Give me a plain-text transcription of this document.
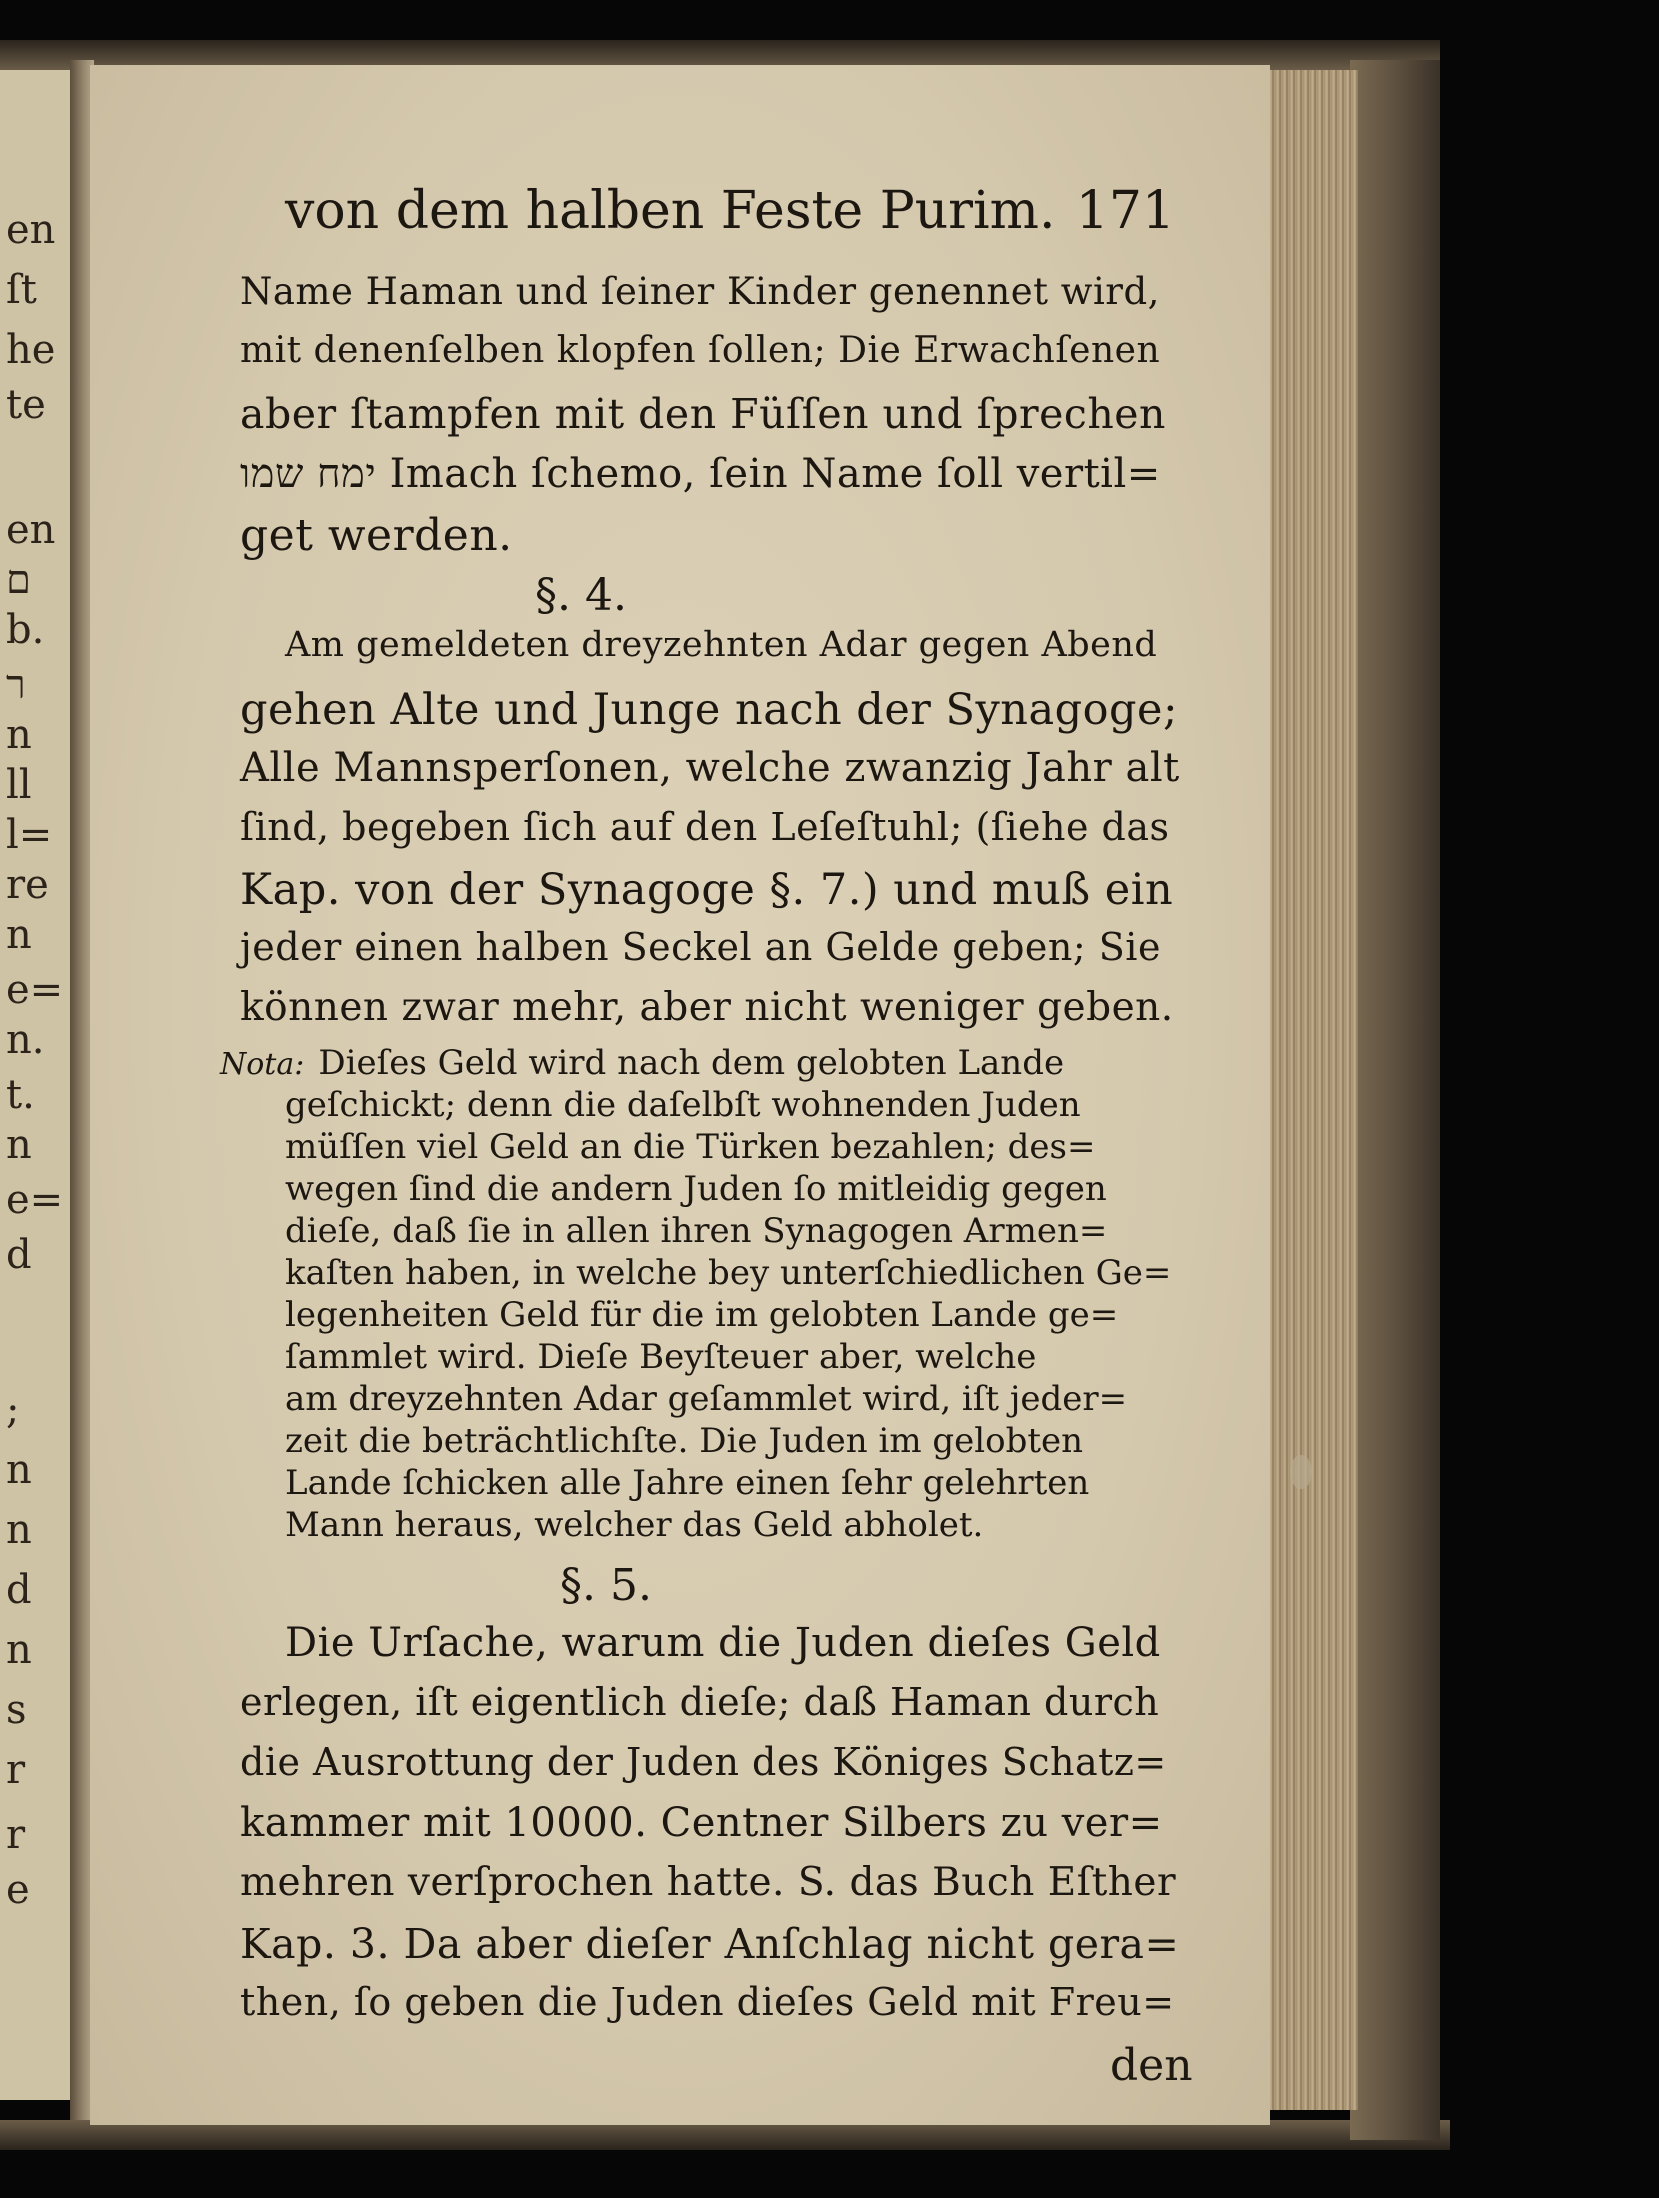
en
ſt
he
te
en
ם
b.
ר
n
ll
l=
re
n
e=
n.
t.
n
e=
d
;
n
n
d
n
s
r
r
e
von dem halben Feste Purim. 171
Name Haman und ſeiner Kinder genennet wird,
mit denenſelben klopfen ſollen; Die Erwachſenen
aber ſtampfen mit den Füſſen und ſprechen
ימח שמו Imach ſchemo, ſein Name ſoll vertil=
get werden.
§. 4.
Am gemeldeten dreyzehnten Adar gegen Abend
gehen Alte und Junge nach der Synagoge;
Alle Mannsperſonen, welche zwanzig Jahr alt
ſind, begeben ſich auf den Leſeſtuhl; (ſiehe das
Kap. von der Synagoge §. 7.) und muß ein
jeder einen halben Seckel an Gelde geben; Sie
können zwar mehr, aber nicht weniger geben.
Nota: Dieſes Geld wird nach dem gelobten Lande
geſchickt; denn die daſelbſt wohnenden Juden
müſſen viel Geld an die Türken bezahlen; des=
wegen ſind die andern Juden ſo mitleidig gegen
dieſe, daß ſie in allen ihren Synagogen Armen=
kaſten haben, in welche bey unterſchiedlichen Ge=
legenheiten Geld für die im gelobten Lande ge=
ſammlet wird. Dieſe Beyſteuer aber, welche
am dreyzehnten Adar geſammlet wird, iſt jeder=
zeit die beträchtlichſte. Die Juden im gelobten
Lande ſchicken alle Jahre einen ſehr gelehrten
Mann heraus, welcher das Geld abholet.
§. 5.
Die Urſache, warum die Juden dieſes Geld
erlegen, iſt eigentlich dieſe; daß Haman durch
die Ausrottung der Juden des Königes Schatz=
kammer mit 10000. Centner Silbers zu ver=
mehren verſprochen hatte. S. das Buch Eſther
Kap. 3. Da aber dieſer Anſchlag nicht gera=
then, ſo geben die Juden dieſes Geld mit Freu=
den
